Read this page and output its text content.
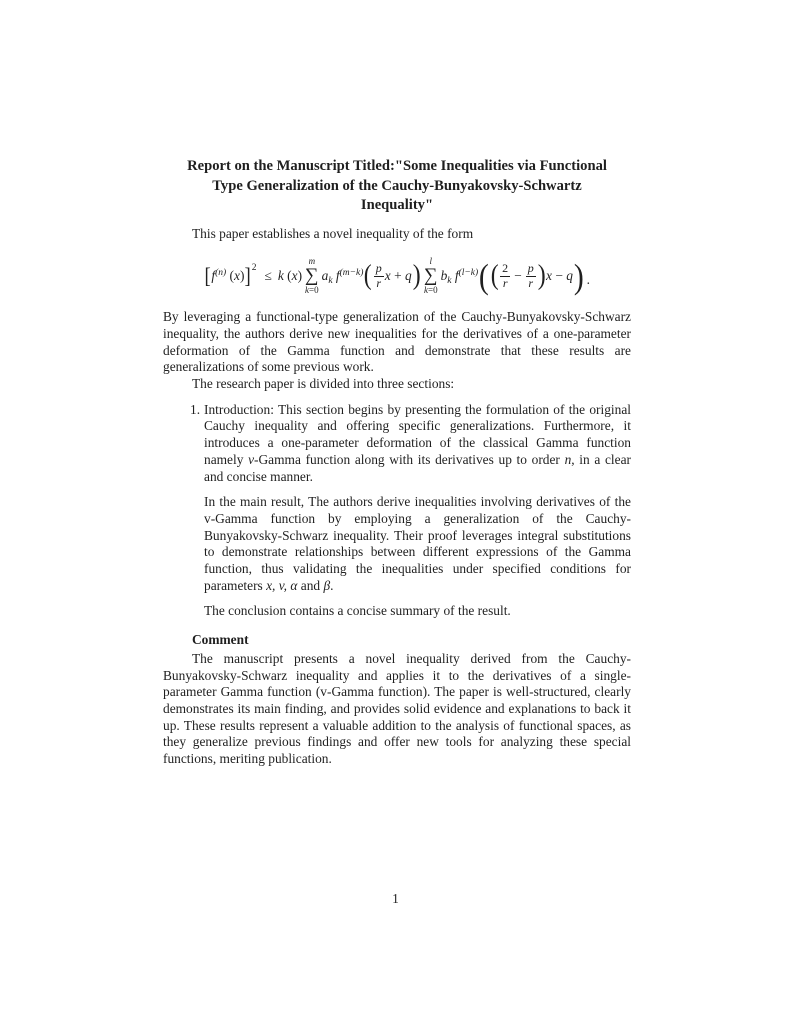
Report on the Manuscript Titled:"Some Inequalities via Functional
Type Generalization of the Cauchy-Bunyakovsky-Schwartz
Inequality"

This paper establishes a novel inequality of the form

[ $f^{(n)}$ (x) ] 2 ≤ k (x)
m
∑
k=0
$a_k$ $f^{(m-k)}$ ( $\frac{p}{r}$ x + q ) l
∑
k=0
$b_k$ $f^{(l-k)}$ ( ( $\frac{2}{r} - \frac{p}{r}$ ) x − q ) .

By leveraging a functional-type generalization of the Cauchy-Bunyakovsky-Schwarz inequality, the authors derive new inequalities for the derivatives of a one-parameter deformation of the Gamma function and demonstrate that these results are generalizations of some previous work.

The research paper is divided into three sections:

1. Introduction: This section begins by presenting the formulation of the original Cauchy inequality and offering specific generalizations. Furthermore, it introduces a one-parameter deformation of the classical Gamma function namely v-Gamma function along with its derivatives up to order n, in a clear and concise manner.

In the main result, The authors derive inequalities involving derivatives of the v-Gamma function by employing a generalization of the Cauchy-Bunyakovsky-Schwarz inequality. Their proof leverages integral substitutions to demonstrate relationships between different expressions of the Gamma function, thus validating the inequalities under specified conditions for parameters x, v, α and β.

The conclusion contains a concise summary of the result.

Comment

The manuscript presents a novel inequality derived from the Cauchy-Bunyakovsky-Schwarz inequality and applies it to the derivatives of a single-parameter Gamma function (v-Gamma function). The paper is well-structured, clearly demonstrates its main finding, and provides solid evidence and explanations to back it up. These results represent a valuable addition to the analysis of functional spaces, as they generalize previous findings and offer new tools for analyzing these special functions, meriting publication.

1
